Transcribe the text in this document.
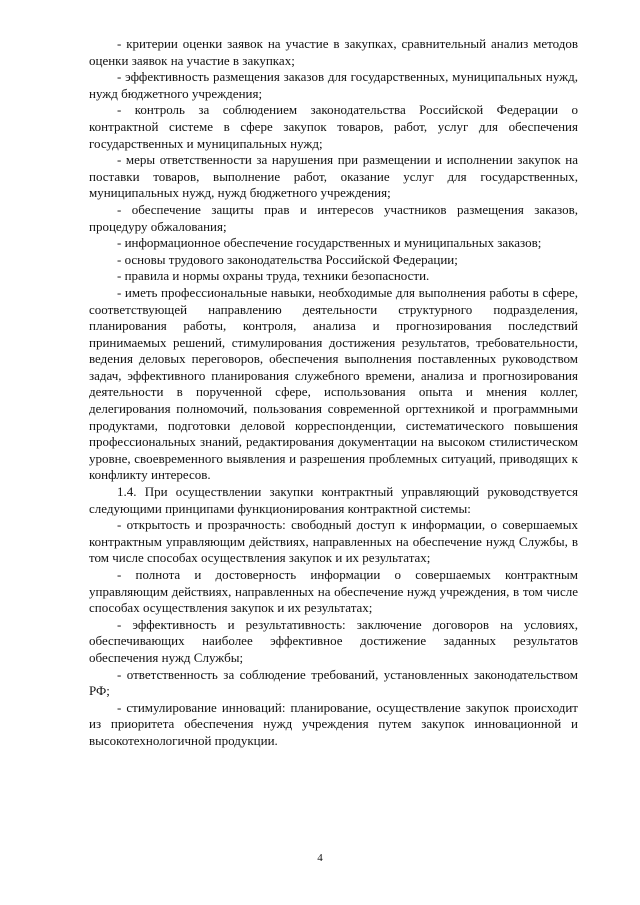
- критерии оценки заявок на участие в закупках, сравнительный анализ методов оценки заявок на участие в закупках;

- эффективность размещения заказов для государственных, муниципальных нужд, нужд бюджетного учреждения;

- контроль за соблюдением законодательства Российской Федерации о контрактной системе в сфере закупок товаров, работ, услуг для обеспечения государственных и муниципальных нужд;

- меры ответственности за нарушения при размещении и исполнении закупок на поставки товаров, выполнение работ, оказание услуг для государственных, муниципальных нужд, нужд бюджетного учреждения;

- обеспечение защиты прав и интересов участников размещения заказов, процедуру обжалования;

- информационное обеспечение государственных и муниципальных заказов;

- основы трудового законодательства Российской Федерации;

- правила и нормы охраны труда, техники безопасности.

- иметь профессиональные навыки, необходимые для выполнения работы в сфере, соответствующей направлению деятельности структурного подразделения, планирования работы, контроля, анализа и прогнозирования последствий принимаемых решений, стимулирования достижения результатов, требовательности, ведения деловых переговоров, обеспечения выполнения поставленных руководством задач, эффективного планирования служебного времени, анализа и прогнозирования деятельности в порученной сфере, использования опыта и мнения коллег, делегирования полномочий, пользования современной оргтехникой и программными продуктами, подготовки деловой корреспонденции, систематического повышения профессиональных знаний, редактирования документации на высоком стилистическом уровне, своевременного выявления и разрешения проблемных ситуаций, приводящих к конфликту интересов.

1.4. При осуществлении закупки контрактный управляющий руководствуется следующими принципами функционирования контрактной системы:

- открытость и прозрачность: свободный доступ к информации, о совершаемых контрактным управляющим действиях, направленных на обеспечение нужд Службы, в том числе способах осуществления закупок и их результатах;

- полнота и достоверность информации о совершаемых контрактным управляющим действиях, направленных на обеспечение нужд учреждения, в том числе способах осуществления закупок и их результатах;

- эффективность и результативность: заключение договоров на условиях, обеспечивающих наиболее эффективное достижение заданных результатов обеспечения нужд Службы;

- ответственность за соблюдение требований, установленных законодательством РФ;

- стимулирование инноваций: планирование, осуществление закупок происходит из приоритета обеспечения нужд учреждения путем закупок инновационной и высокотехнологичной продукции.

4
